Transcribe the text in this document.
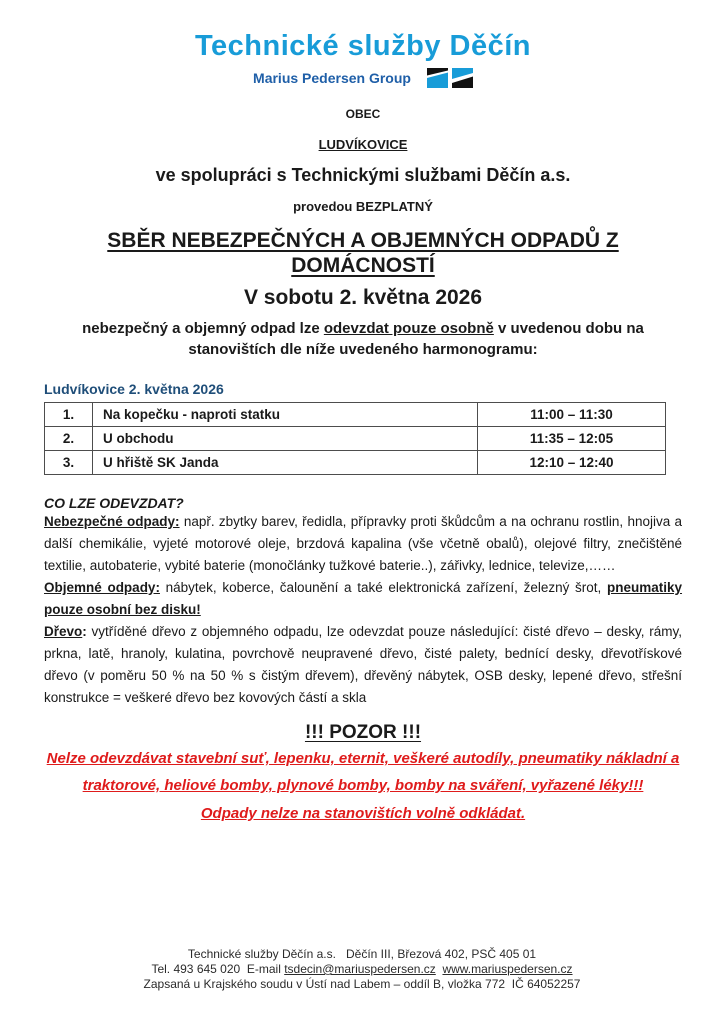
Technické služby Děčín
Marius Pedersen Group

OBEC

LUDVÍKOVICE

ve spolupráci s Technickými službami Děčín a.s.

provedou BEZPLATNÝ

SBĚR NEBEZPEČNÝCH A OBJEMNÝCH ODPADŮ Z DOMÁCNOSTÍ
V sobotu 2. května 2026

nebezpečný a objemný odpad lze odevzdat pouze osobně v uvedenou dobu na stanovištích dle níže uvedeného harmonogramu:

Ludvíkovice 2. května 2026
1.	Na kopečku - naproti statku	11:00 – 11:30
2.	U obchodu	11:35 – 12:05
3.	U hřiště SK Janda	12:10 – 12:40

CO LZE ODEVZDAT?

Nebezpečné odpady: např. zbytky barev, ředidla, přípravky proti škůdcům a na ochranu rostlin, hnojiva a další chemikálie, vyjeté motorové oleje, brzdová kapalina (vše včetně obalů), olejové filtry, znečištěné textilie, autobaterie, vybité baterie (monočlánky tužkové baterie..), zářivky, lednice, televize,……

Objemné odpady: nábytek, koberce, čalounění a také elektronická zařízení, železný šrot, pneumatiky pouze osobní bez disku!

Dřevo: vytříděné dřevo z objemného odpadu, lze odevzdat pouze následující: čisté dřevo – desky, rámy, prkna, latě, hranoly, kulatina, povrchově neupravené dřevo, čisté palety, bednící desky, dřevotřískové dřevo (v poměru 50 % na 50 % s čistým dřevem), dřevěný nábytek, OSB desky, lepené dřevo, střešní konstrukce = veškeré dřevo bez kovových částí a skla

!!! POZOR !!!

Nelze odevzdávat stavební suť, lepenku, eternit, veškeré autodíly, pneumatiky nákladní a traktorové, heliové bomby, plynové bomby, bomby na sváření, vyřazené léky!!!

Odpady nelze na stanovištích volně odkládat.

Technické služby Děčín a.s.   Děčín III, Březová 402, PSČ 405 01

Tel. 493 645 020  E-mail tsdecin@mariuspedersen.cz www.mariuspedersen.cz

Zapsaná u Krajského soudu v Ústí nad Labem – oddíl B, vložka 772  IČ 64052257
